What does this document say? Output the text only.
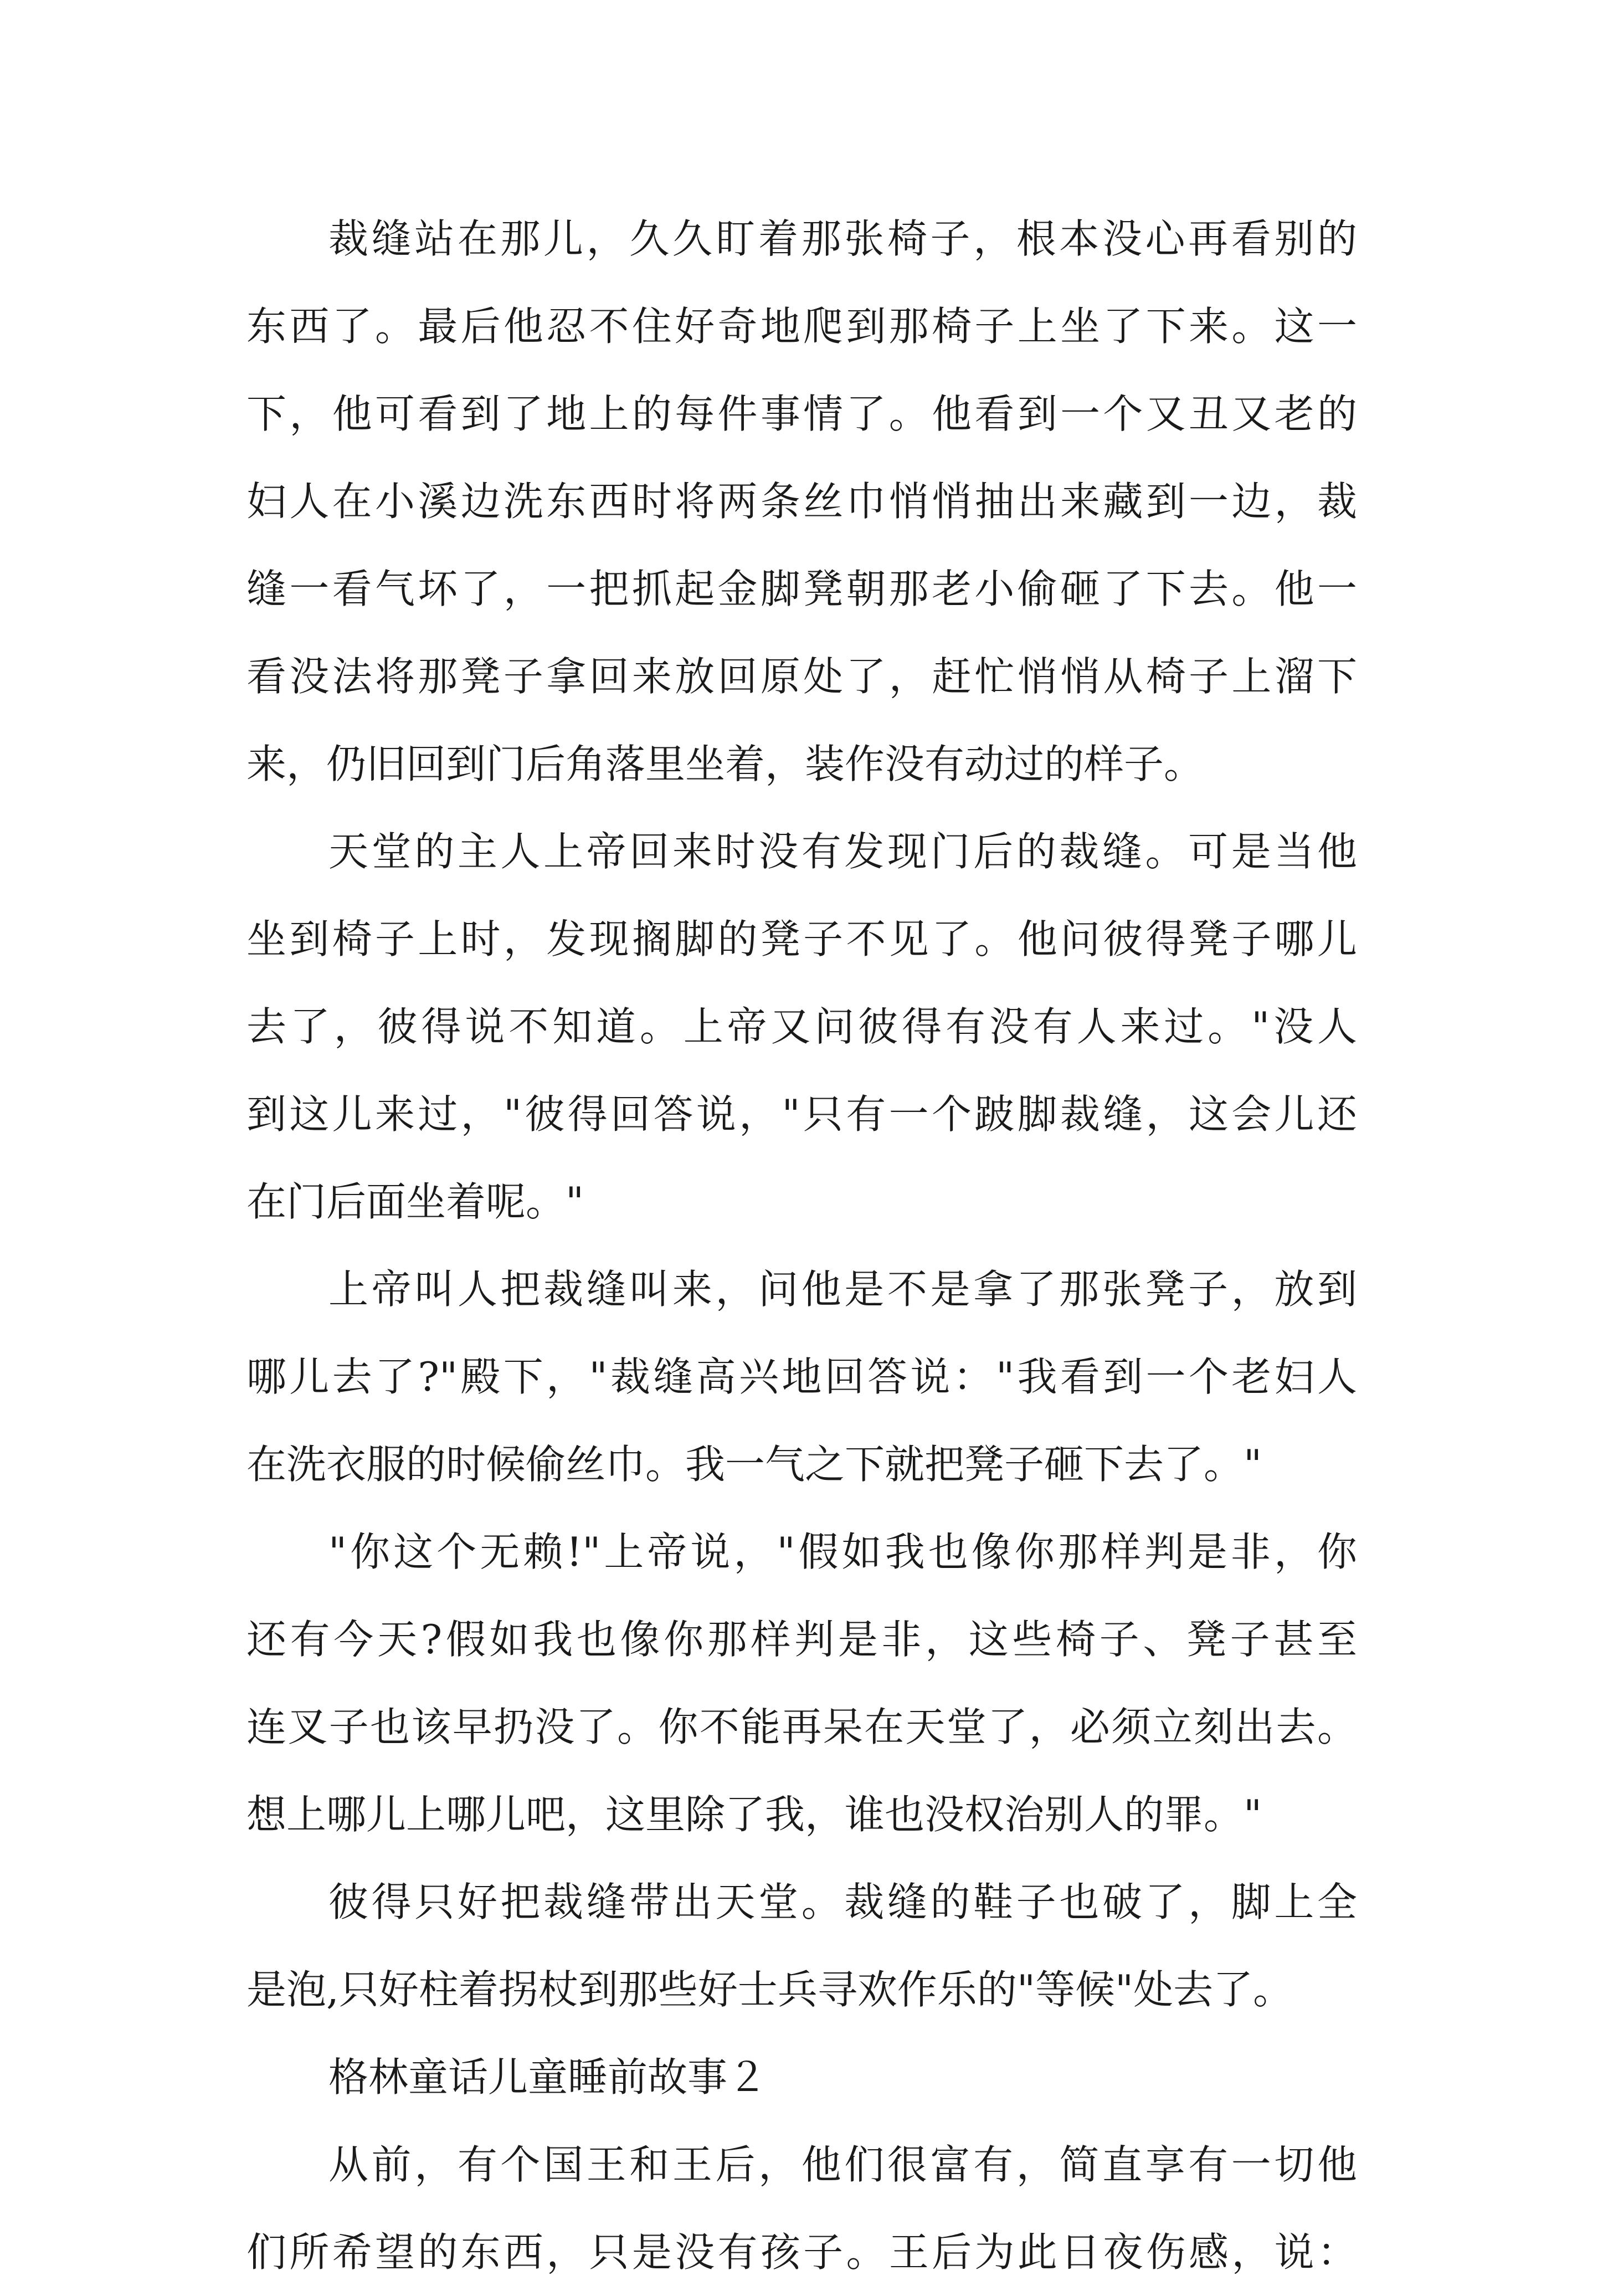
裁缝站在那儿，久久盯着那张椅子，根本没心再看别的
东西了。最后他忍不住好奇地爬到那椅子上坐了下来。这一
下，他可看到了地上的每件事情了。他看到一个又丑又老的
妇人在小溪边洗东西时将两条丝巾悄悄抽出来藏到一边，裁
缝一看气坏了，一把抓起金脚凳朝那老小偷砸了下去。他一
看没法将那凳子拿回来放回原处了，赶忙悄悄从椅子上溜下
来，仍旧回到门后角落里坐着，装作没有动过的样子。
天堂的主人上帝回来时没有发现门后的裁缝。可是当他
坐到椅子上时，发现搁脚的凳子不见了。他问彼得凳子哪儿
去了，彼得说不知道。上帝又问彼得有没有人来过。"没人
到这儿来过，"彼得回答说，"只有一个跛脚裁缝，这会儿还
在门后面坐着呢。"
上帝叫人把裁缝叫来，问他是不是拿了那张凳子，放到
哪儿去了?"殿下，"裁缝高兴地回答说："我看到一个老妇人
在洗衣服的时候偷丝巾。我一气之下就把凳子砸下去了。"
"你这个无赖!"上帝说，"假如我也像你那样判是非，你
还有今天?假如我也像你那样判是非，这些椅子、凳子甚至
连叉子也该早扔没了。你不能再呆在天堂了，必须立刻出去。
想上哪儿上哪儿吧，这里除了我，谁也没权治别人的罪。"
彼得只好把裁缝带出天堂。裁缝的鞋子也破了，脚上全
是泡,只好柱着拐杖到那些好士兵寻欢作乐的"等候"处去了。
格林童话儿童睡前故事２
从前，有个国王和王后，他们很富有，简直享有一切他
们所希望的东西，只是没有孩子。王后为此日夜伤感，说：
